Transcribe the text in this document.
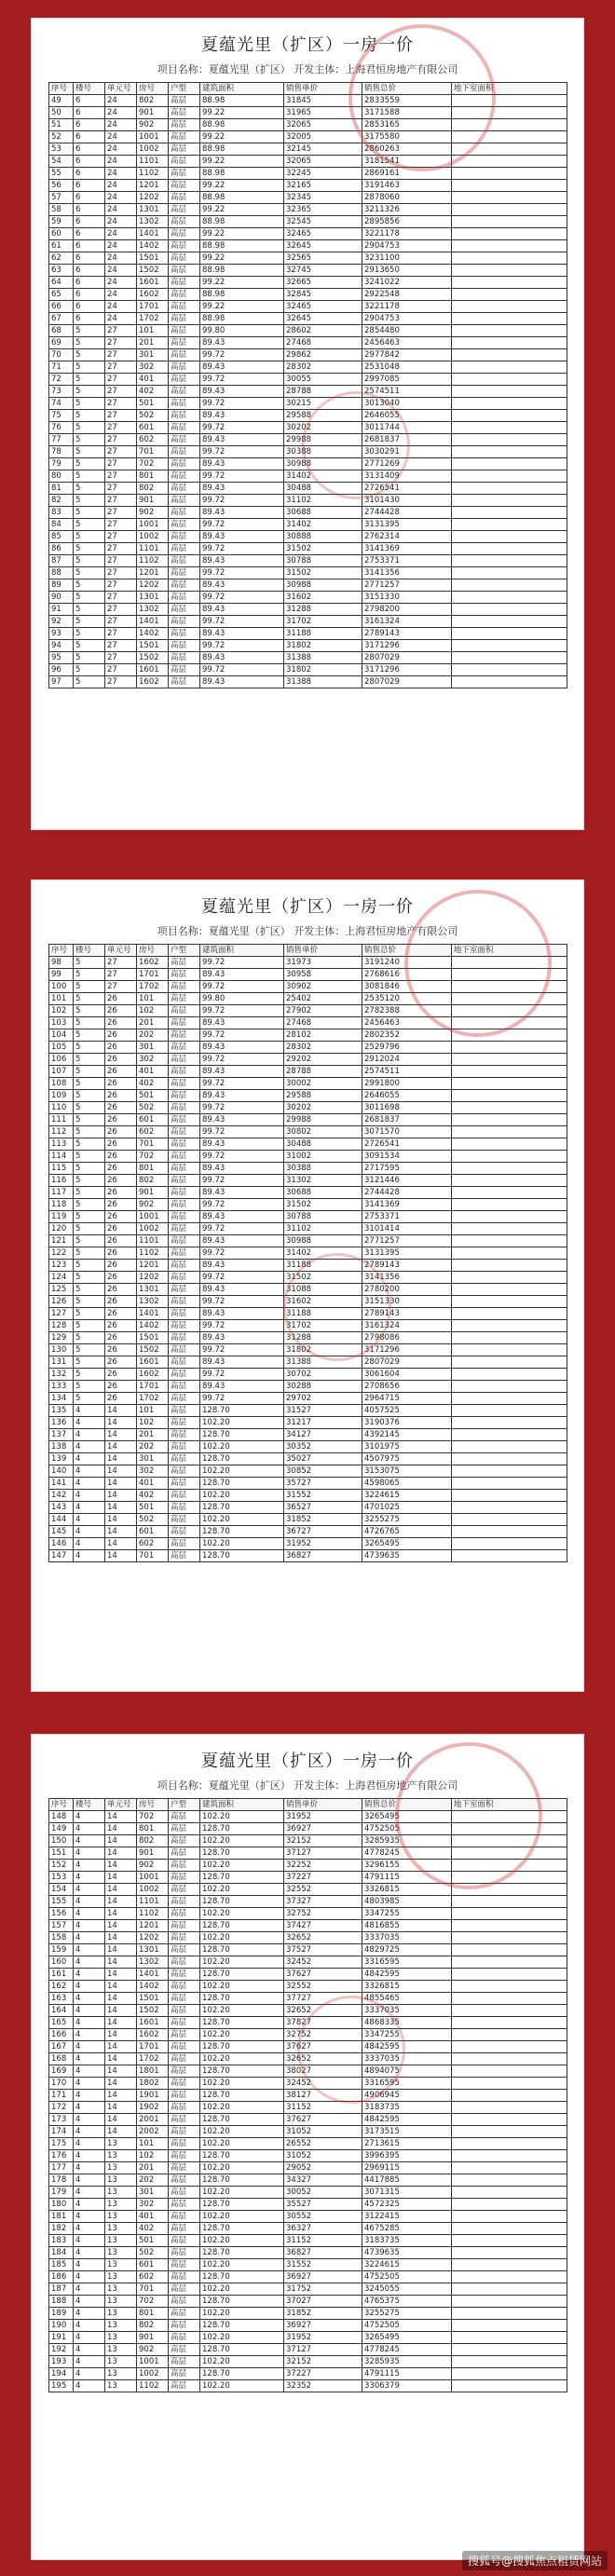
夏蕴光里（扩区）一房一价
项目名称：夏蕴光里（扩区） 开发主体：上海君恒房地产有限公司
序号	楼号	单元号	房号	户型	建筑面积	销售单价	销售总价	地下室面积
49	6	24	802	高层	88.98	31845	2833559	
50	6	24	901	高层	99.22	31965	3171588	
51	6	24	902	高层	88.98	32065	2853165	
52	6	24	1001	高层	99.22	32005	3175580	
53	6	24	1002	高层	88.98	32145	2860263	
54	6	24	1101	高层	99.22	32065	3181541	
55	6	24	1102	高层	88.98	32245	2869161	
56	6	24	1201	高层	99.22	32165	3191463	
57	6	24	1202	高层	88.98	32345	2878060	
58	6	24	1301	高层	99.22	32365	3211326	
59	6	24	1302	高层	88.98	32545	2895856	
60	6	24	1401	高层	99.22	32465	3221178	
61	6	24	1402	高层	88.98	32645	2904753	
62	6	24	1501	高层	99.22	32565	3231100	
63	6	24	1502	高层	88.98	32745	2913650	
64	6	24	1601	高层	99.22	32665	3241022	
65	6	24	1602	高层	88.98	32845	2922548	
66	6	24	1701	高层	99.22	32465	3221178	
67	6	24	1702	高层	88.98	32645	2904753	
68	5	27	101	高层	99.80	28602	2854480	
69	5	27	201	高层	89.43	27468	2456463	
70	5	27	301	高层	99.72	29862	2977842	
71	5	27	302	高层	89.43	28302	2531048	
72	5	27	401	高层	99.72	30055	2997085	
73	5	27	402	高层	89.43	28788	2574511	
74	5	27	501	高层	99.72	30215	3013040	
75	5	27	502	高层	89.43	29588	2646055	
76	5	27	601	高层	99.72	30202	3011744	
77	5	27	602	高层	89.43	29988	2681837	
78	5	27	701	高层	99.72	30388	3030291	
79	5	27	702	高层	89.43	30988	2771269	
80	5	27	801	高层	99.72	31402	3131409	
81	5	27	802	高层	89.43	30488	2726541	
82	5	27	901	高层	99.72	31102	3101430	
83	5	27	902	高层	89.43	30688	2744428	
84	5	27	1001	高层	99.72	31402	3131395	
85	5	27	1002	高层	89.43	30888	2762314	
86	5	27	1101	高层	99.72	31502	3141369	
87	5	27	1102	高层	89.43	30788	2753371	
88	5	27	1201	高层	99.72	31502	3141356	
89	5	27	1202	高层	89.43	30988	2771257	
90	5	27	1301	高层	99.72	31602	3151330	
91	5	27	1302	高层	89.43	31288	2798200	
92	5	27	1401	高层	99.72	31702	3161324	
93	5	27	1402	高层	89.43	31188	2789143	
94	5	27	1501	高层	99.72	31802	3171296	
95	5	27	1502	高层	89.43	31388	2807029	
96	5	27	1601	高层	99.72	31802	3171296	
97	5	27	1602	高层	89.43	31388	2807029	
夏蕴光里（扩区）一房一价
项目名称：夏蕴光里（扩区） 开发主体：上海君恒房地产有限公司
序号	楼号	单元号	房号	户型	建筑面积	销售单价	销售总价	地下室面积
98	5	27	1602	高层	99.72	31973	3191240	
99	5	27	1701	高层	89.43	30958	2768616	
100	5	27	1702	高层	99.72	30902	3081846	
101	5	26	101	高层	99.80	25402	2535120	
102	5	26	102	高层	99.72	27902	2782388	
103	5	26	201	高层	89.43	27468	2456463	
104	5	26	202	高层	99.72	28102	2802352	
105	5	26	301	高层	89.43	28302	2529796	
106	5	26	302	高层	99.72	29202	2912024	
107	5	26	401	高层	89.43	28788	2574511	
108	5	26	402	高层	99.72	30002	2991800	
109	5	26	501	高层	89.43	29588	2646055	
110	5	26	502	高层	99.72	30202	3011698	
111	5	26	601	高层	89.43	29988	2681837	
112	5	26	602	高层	99.72	30802	3071570	
113	5	26	701	高层	89.43	30488	2726541	
114	5	26	702	高层	99.72	31002	3091534	
115	5	26	801	高层	89.43	30388	2717595	
116	5	26	802	高层	99.72	31302	3121446	
117	5	26	901	高层	89.43	30688	2744428	
118	5	26	902	高层	99.72	31502	3141369	
119	5	26	1001	高层	89.43	30788	2753371	
120	5	26	1002	高层	99.72	31102	3101414	
121	5	26	1101	高层	89.43	30988	2771257	
122	5	26	1102	高层	99.72	31402	3131395	
123	5	26	1201	高层	89.43	31188	2789143	
124	5	26	1202	高层	99.72	31502	3141356	
125	5	26	1301	高层	89.43	31088	2780200	
126	5	26	1302	高层	99.72	31602	3151330	
127	5	26	1401	高层	89.43	31188	2789143	
128	5	26	1402	高层	99.72	31702	3161324	
129	5	26	1501	高层	89.43	31288	2798086	
130	5	26	1502	高层	99.72	31802	3171296	
131	5	26	1601	高层	89.43	31388	2807029	
132	5	26	1602	高层	99.72	30702	3061604	
133	5	26	1701	高层	89.43	30288	2708656	
134	5	26	1702	高层	99.72	29702	2964715	
135	4	14	101	高层	128.70	31527	4057525	
136	4	14	102	高层	102.20	31217	3190376	
137	4	14	201	高层	128.70	34127	4392145	
138	4	14	202	高层	102.20	30352	3101975	
139	4	14	301	高层	128.70	35027	4507975	
140	4	14	302	高层	102.20	30852	3153075	
141	4	14	401	高层	128.70	35727	4598065	
142	4	14	402	高层	102.20	31552	3224615	
143	4	14	501	高层	128.70	36527	4701025	
144	4	14	502	高层	102.20	31852	3255275	
145	4	14	601	高层	128.70	36727	4726765	
146	4	14	602	高层	102.20	31952	3265495	
147	4	14	701	高层	128.70	36827	4739635	
夏蕴光里（扩区）一房一价
项目名称：夏蕴光里（扩区） 开发主体：上海君恒房地产有限公司
序号	楼号	单元号	房号	户型	建筑面积	销售单价	销售总价	地下室面积
148	4	14	702	高层	102.20	31952	3265495	
149	4	14	801	高层	128.70	36927	4752505	
150	4	14	802	高层	102.20	32152	3285935	
151	4	14	901	高层	128.70	37127	4778245	
152	4	14	902	高层	102.20	32252	3296155	
153	4	14	1001	高层	128.70	37227	4791115	
154	4	14	1002	高层	102.20	32552	3326815	
155	4	14	1101	高层	128.70	37327	4803985	
156	4	14	1102	高层	102.20	32752	3347255	
157	4	14	1201	高层	128.70	37427	4816855	
158	4	14	1202	高层	102.20	32652	3337035	
159	4	14	1301	高层	128.70	37527	4829725	
160	4	14	1302	高层	102.20	32452	3316595	
161	4	14	1401	高层	128.70	37627	4842595	
162	4	14	1402	高层	102.20	32552	3326815	
163	4	14	1501	高层	128.70	37727	4855465	
164	4	14	1502	高层	102.20	32652	3337035	
165	4	14	1601	高层	128.70	37827	4868335	
166	4	14	1602	高层	102.20	32752	3347255	
167	4	14	1701	高层	128.70	37627	4842595	
168	4	14	1702	高层	102.20	32652	3337035	
169	4	14	1801	高层	128.70	38027	4894075	
170	4	14	1802	高层	102.20	32452	3316595	
171	4	14	1901	高层	128.70	38127	4906945	
172	4	14	1902	高层	102.20	31152	3183735	
173	4	14	2001	高层	128.70	37627	4842595	
174	4	14	2002	高层	102.20	31052	3173515	
175	4	13	101	高层	102.20	26552	2713615	
176	4	13	102	高层	128.70	31052	3996395	
177	4	13	201	高层	102.20	29052	2969115	
178	4	13	202	高层	128.70	34327	4417885	
179	4	13	301	高层	102.20	30052	3071315	
180	4	13	302	高层	128.70	35527	4572325	
181	4	13	401	高层	102.20	30552	3122415	
182	4	13	402	高层	128.70	36327	4675285	
183	4	13	501	高层	102.20	31152	3183735	
184	4	13	502	高层	128.70	36827	4739635	
185	4	13	601	高层	102.20	31552	3224615	
186	4	13	602	高层	128.70	36927	4752505	
187	4	13	701	高层	102.20	31752	3245055	
188	4	13	702	高层	128.70	37027	4765375	
189	4	13	801	高层	102.20	31852	3255275	
190	4	13	802	高层	128.70	36927	4752505	
191	4	13	901	高层	102.20	31952	3265495	
192	4	13	902	高层	128.70	37127	4778245	
193	4	13	1001	高层	102.20	32152	3285935	
194	4	13	1002	高层	128.70	37227	4791115	
195	4	13	1102	高层	102.20	32352	3306379	
搜狐号@搜狐焦点租赁网站
